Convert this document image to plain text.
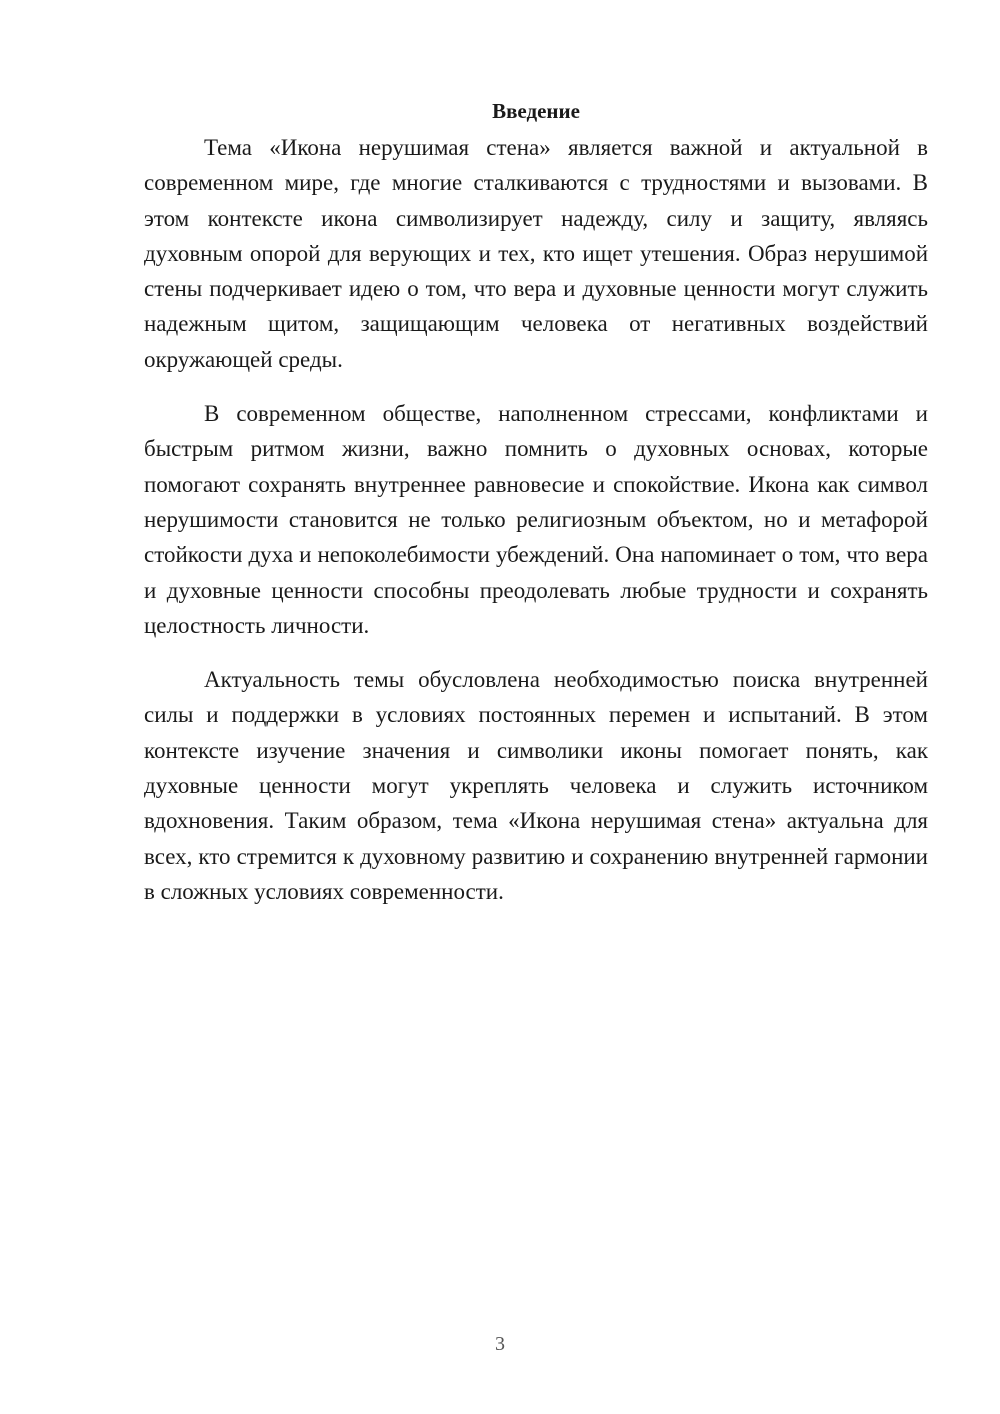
Введение

Тема «Икона нерушимая стена» является важной и актуальной в современном мире, где многие сталкиваются с трудностями и вызовами. В этом контексте икона символизирует надежду, силу и защиту, являясь духовным опорой для верующих и тех, кто ищет утешения. Образ нерушимой стены подчеркивает идею о том, что вера и духовные ценности могут служить надежным щитом, защищающим человека от негативных воздействий окружающей среды.

В современном обществе, наполненном стрессами, конфликтами и быстрым ритмом жизни, важно помнить о духовных основах, которые помогают сохранять внутреннее равновесие и спокойствие. Икона как символ нерушимости становится не только религиозным объектом, но и метафорой стойкости духа и непоколебимости убеждений. Она напоминает о том, что вера и духовные ценности способны преодолевать любые трудности и сохранять целостность личности.

Актуальность темы обусловлена необходимостью поиска внутренней силы и поддержки в условиях постоянных перемен и испытаний. В этом контексте изучение значения и символики иконы помогает понять, как духовные ценности могут укреплять человека и служить источником вдохновения. Таким образом, тема «Икона нерушимая стена» актуальна для всех, кто стремится к духовному развитию и сохранению внутренней гармонии в сложных условиях современности.

3
